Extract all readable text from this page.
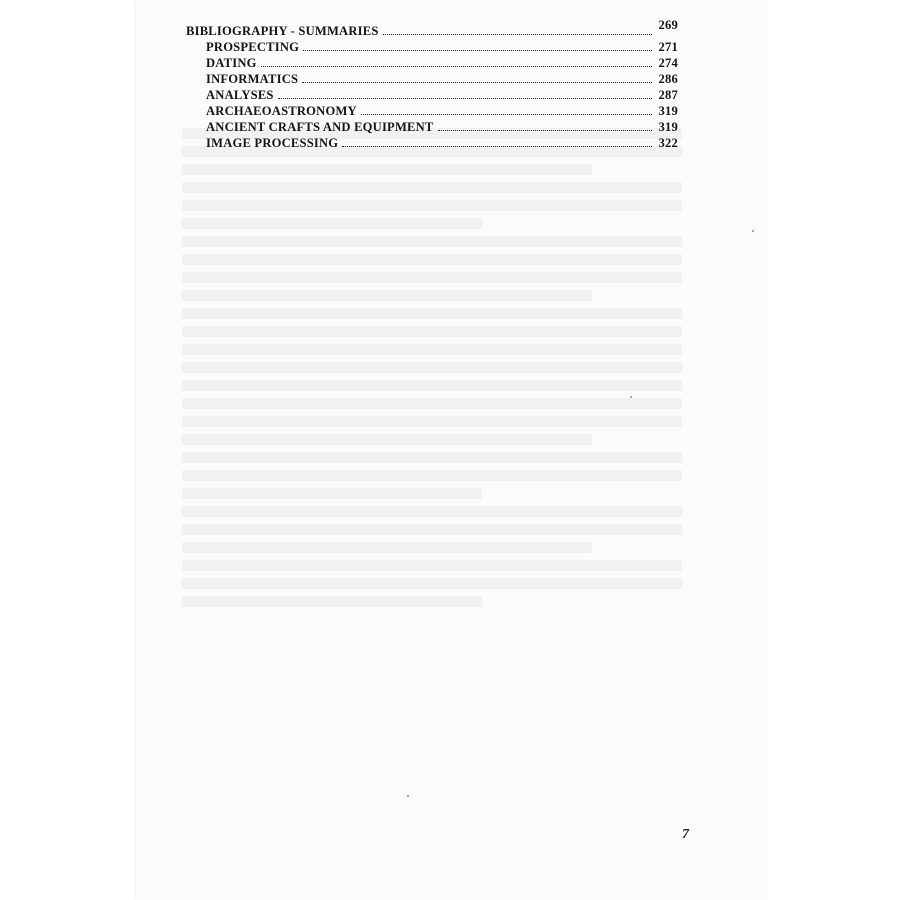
BIBLIOGRAPHY - SUMMARIES	269
PROSPECTING	271
DATING	274
INFORMATICS	286
ANALYSES	287
ARCHAEOASTRONOMY	319
ANCIENT CRAFTS AND EQUIPMENT	319
IMAGE PROCESSING	322
7
